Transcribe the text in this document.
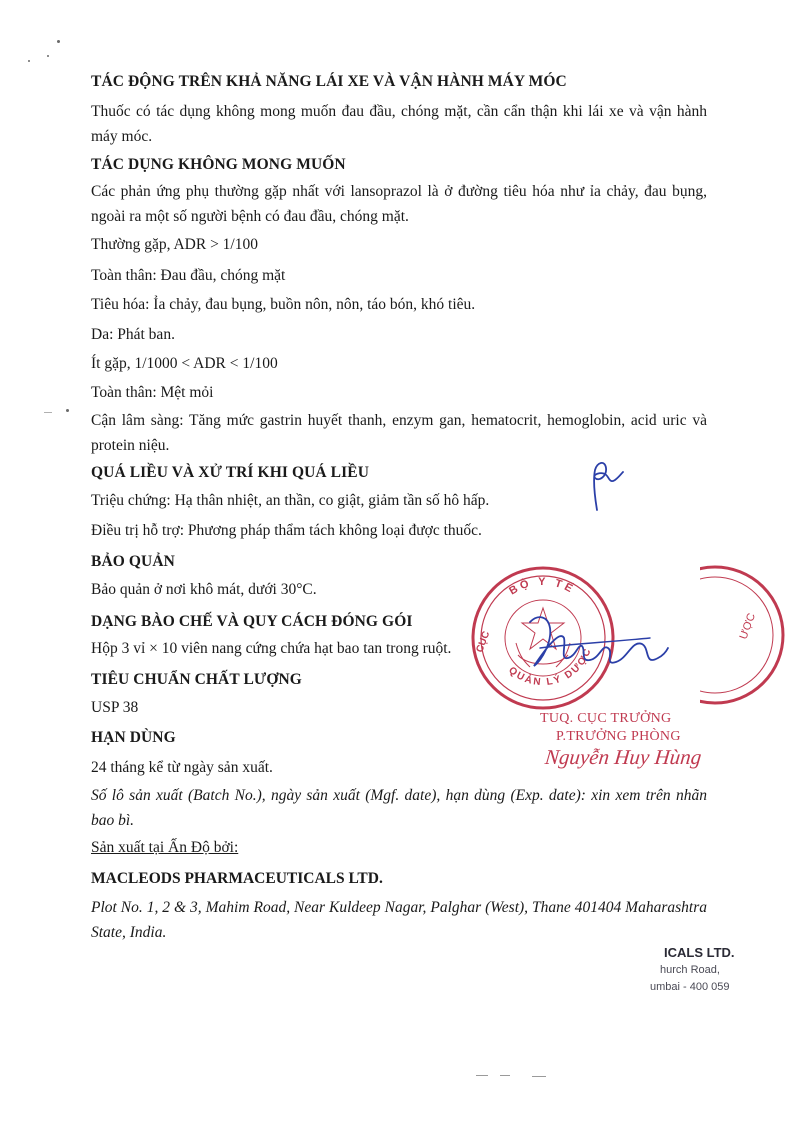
TÁC ĐỘNG TRÊN KHẢ NĂNG LÁI XE VÀ VẬN HÀNH MÁY MÓC
Thuốc có tác dụng không mong muốn đau đầu, chóng mặt, cần cẩn thận khi lái xe và vận hành máy móc.
TÁC DỤNG KHÔNG MONG MUỐN
Các phản ứng phụ thường gặp nhất với lansoprazol là ở đường tiêu hóa như ỉa chảy, đau bụng, ngoài ra một số người bệnh có đau đầu, chóng mặt.
Thường gặp, ADR > 1/100
Toàn thân: Đau đầu, chóng mặt
Tiêu hóa: Ỉa chảy, đau bụng, buồn nôn, nôn, táo bón, khó tiêu.
Da: Phát ban.
Ít gặp, 1/1000 < ADR < 1/100
Toàn thân: Mệt mỏi
Cận lâm sàng: Tăng mức gastrin huyết thanh, enzym gan, hematocrit, hemoglobin, acid uric và protein niệu.
QUÁ LIỀU VÀ XỬ TRÍ KHI QUÁ LIỀU
Triệu chứng: Hạ thân nhiệt, an thần, co giật, giảm tần số hô hấp.
Điều trị hỗ trợ: Phương pháp thẩm tách không loại được thuốc.
BẢO QUẢN
Bảo quản ở nơi khô mát, dưới 30°C.
DẠNG BÀO CHẾ VÀ QUY CÁCH ĐÓNG GÓI
Hộp 3 vỉ × 10 viên nang cứng chứa hạt bao tan trong ruột.
TIÊU CHUẨN CHẤT LƯỢNG
USP 38
HẠN DÙNG
24 tháng kể từ ngày sản xuất.
Số lô sản xuất (Batch No.), ngày sản xuất (Mgf. date), hạn dùng (Exp. date): xin xem trên nhãn bao bì.
Sản xuất tại Ấn Độ bởi:
MACLEODS PHARMACEUTICALS LTD.
Plot No. 1, 2 & 3, Mahim Road, Near Kuldeep Nagar, Palghar (West), Thane 401404 Maharashtra State, India.
ƯỢC
BỘ Y TẾ
QUẢN LÝ DƯỢC
CỤC
TUQ. CỤC TRƯỞNG
P.TRƯỞNG PHÒNG
Nguyễn Huy Hùng
ICALS LTD.
hurch Road,
umbai - 400 059
